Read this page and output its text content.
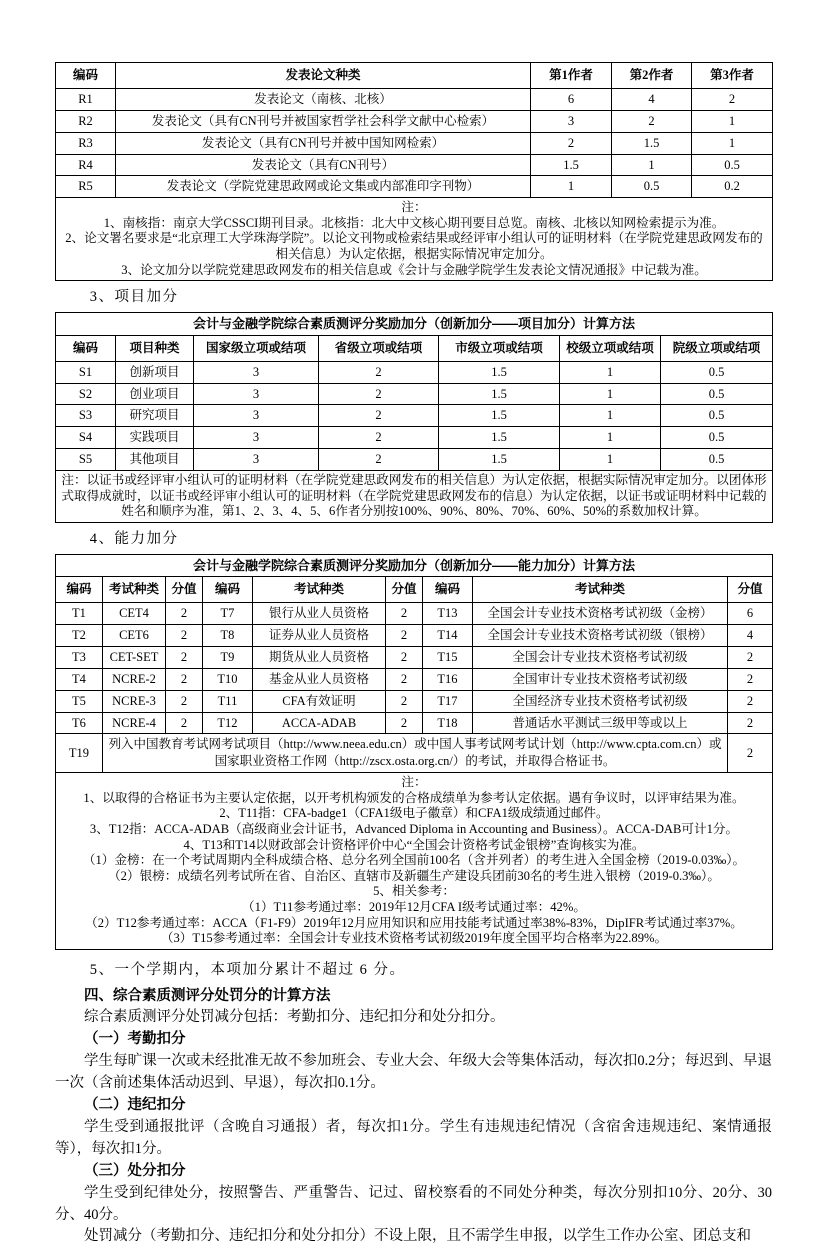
编码	发表论文种类	第1作者	第2作者	第3作者
R1	发表论文（南核、北核）	6	4	2
R2	发表论文（具有CN刊号并被国家哲学社会科学文献中心检索）	3	2	1
R3	发表论文（具有CN刊号并被中国知网检索）	2	1.5	1
R4	发表论文（具有CN刊号）	1.5	1	0.5
R5	发表论文（学院党建思政网或论文集或内部准印字刊物）	1	0.5	0.2

注：
1、南核指：南京大学CSSCI期刊目录。北核指：北大中文核心期刊要目总览。南核、北核以知网检索提示为准。
2、论文署名要求是“北京理工大学珠海学院”。以论文刊物或检索结果或经评审小组认可的证明材料（在学院党建思政网发布的相关信息）为认定依据，根据实际情况审定加分。
3、论文加分以学院党建思政网发布的相关信息或《会计与金融学院学生发表论文情况通报》中记载为准。				

3、项目加分

会计与金融学院综合素质测评分奖励加分（创新加分——项目加分）计算方法						
编码	项目种类	国家级立项或结项	省级立项或结项	市级立项或结项	校级立项或结项	院级立项或结项
S1	创新项目	3	2	1.5	1	0.5
S2	创业项目	3	2	1.5	1	0.5
S3	研究项目	3	2	1.5	1	0.5
S4	实践项目	3	2	1.5	1	0.5
S5	其他项目	3	2	1.5	1	0.5
注：以证书或经评审小组认可的证明材料（在学院党建思政网发布的相关信息）为认定依据，根据实际情况审定加分。以团体形式取得成就时，以证书或经评审小组认可的证明材料（在学院党建思政网发布的信息）为认定依据，以证书或证明材料中记载的姓名和顺序为准，第1、2、3、4、5、6作者分别按100%、90%、80%、70%、60%、50%的系数加权计算。						

4、能力加分

会计与金融学院综合素质测评分奖励加分（创新加分——能力加分）计算方法								
编码	考试种类	分值	编码	考试种类	分值	编码	考试种类	分值
T1	CET4	2	T7	银行从业人员资格	2	T13	全国会计专业技术资格考试初级（金榜）	6
T2	CET6	2	T8	证券从业人员资格	2	T14	全国会计专业技术资格考试初级（银榜）	4
T3	CET-SET	2	T9	期货从业人员资格	2	T15	全国会计专业技术资格考试初级	2
T4	NCRE-2	2	T10	基金从业人员资格	2	T16	全国审计专业技术资格考试初级	2
T5	NCRE-3	2	T11	CFA有效证明	2	T17	全国经济专业技术资格考试初级	2
T6	NCRE-4	2	T12	ACCA-ADAB	2	T18	普通话水平测试三级甲等或以上	2
T19	列入中国教育考试网考试项目（http://www.neea.edu.cn）或中国人事考试网考试计划（http://www.cpta.com.cn）或国家职业资格工作网（http://zscx.osta.org.cn/）的考试，并取得合格证书。							2

注：
1、以取得的合格证书为主要认定依据，以开考机构颁发的合格成绩单为参考认定依据。遇有争议时，以评审结果为准。
2、T11指：CFA-badge1（CFA1级电子徽章）和CFA1级成绩通过邮件。
3、T12指：ACCA-ADAB（高级商业会计证书，Advanced Diploma in Accounting and Business）。ACCA-DAB可计1分。
4、T13和T14以财政部会计资格评价中心“全国会计资格考试金银榜”查询核实为准。
（1）金榜：在一个考试周期内全科成绩合格、总分名列全国前100名（含并列者）的考生进入全国金榜（2019-0.03‰）。
（2）银榜：成绩名列考试所在省、自治区、直辖市及新疆生产建设兵团前30名的考生进入银榜（2019-0.3‰）。
5、相关参考：
（1）T11参考通过率：2019年12月CFA I级考试通过率：42%。
（2）T12参考通过率：ACCA（F1-F9）2019年12月应用知识和应用技能考试通过率38%-83%，DipIFR考试通过率37%。
（3）T15参考通过率：全国会计专业技术资格考试初级2019年度全国平均合格率为22.89%。

5、一个学期内，本项加分累计不超过 6 分。

四、综合素质测评分处罚分的计算方法

综合素质测评分处罚减分包括：考勤扣分、违纪扣分和处分扣分。

（一）考勤扣分

学生每旷课一次或未经批准无故不参加班会、专业大会、年级大会等集体活动，每次扣0.2分；每迟到、早退一次（含前述集体活动迟到、早退），每次扣0.1分。

（二）违纪扣分

学生受到通报批评（含晚自习通报）者，每次扣1分。学生有违规违纪情况（含宿舍违规违纪、案情通报等），每次扣1分。

（三）处分扣分

学生受到纪律处分，按照警告、严重警告、记过、留校察看的不同处分种类，每次分别扣10分、20分、30分、40分。

处罚减分（考勤扣分、违纪扣分和处分扣分）不设上限，且不需学生申报，以学生工作办公室、团总支和
